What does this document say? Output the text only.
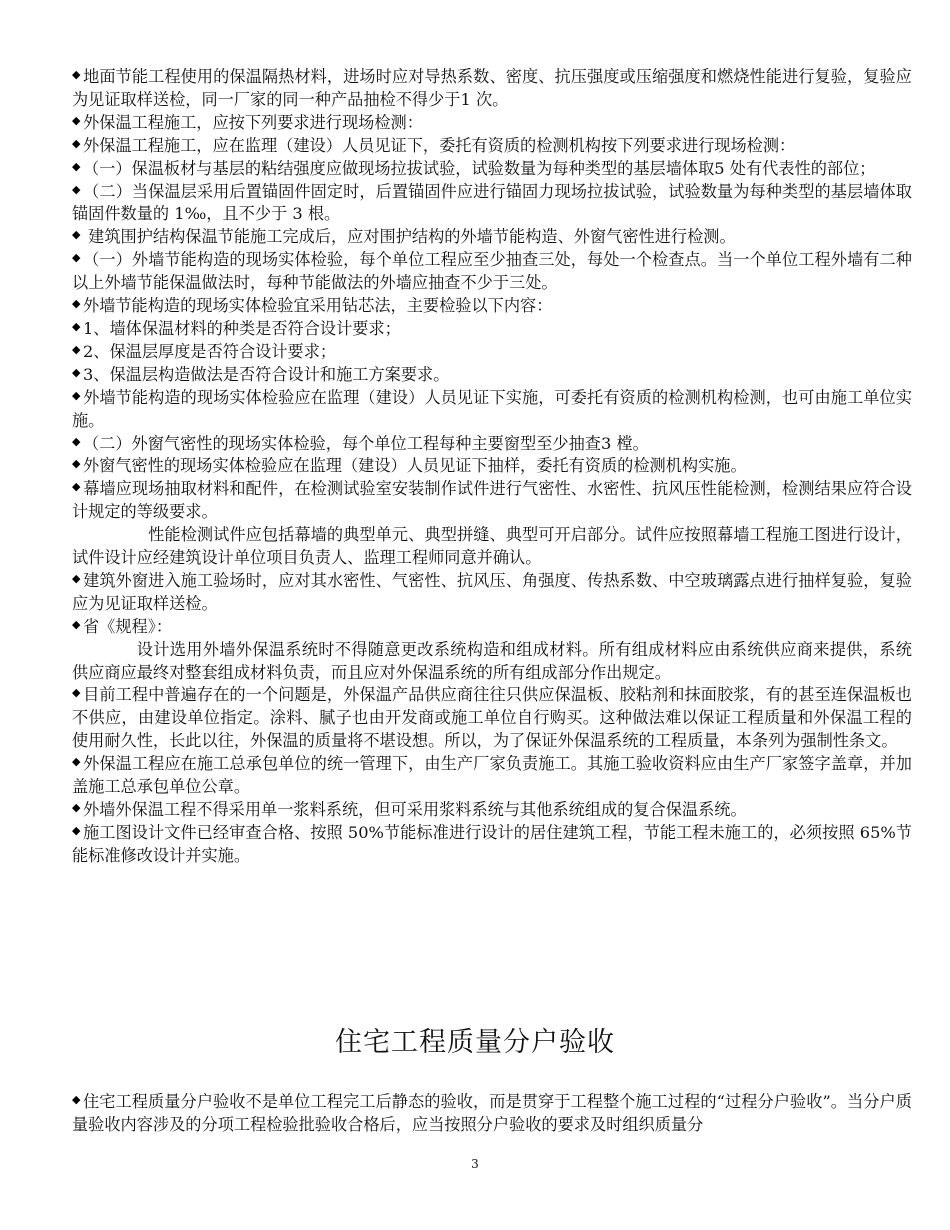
◆ 地面节能工程使用的保温隔热材料，进场时应对导热系数、密度、抗压强度或压缩强度和燃烧性能进行复验，复验应为见证取样送检，同一厂家的同一种产品抽检不得少于1 次。

◆ 外保温工程施工，应按下列要求进行现场检测：

◆ 外保温工程施工，应在监理（建设）人员见证下，委托有资质的检测机构按下列要求进行现场检测：

◆ （一）保温板材与基层的粘结强度应做现场拉拔试验，试验数量为每种类型的基层墙体取5 处有代表性的部位；

◆ （二）当保温层采用后置锚固件固定时，后置锚固件应进行锚固力现场拉拔试验，试验数量为每种类型的基层墙体取锚固件数量的 1‰，且不少于 3 根。

◆ 建筑围护结构保温节能施工完成后，应对围护结构的外墙节能构造、外窗气密性进行检测。

◆ （一）外墙节能构造的现场实体检验，每个单位工程应至少抽查三处，每处一个检查点。当一个单位工程外墙有二种以上外墙节能保温做法时，每种节能做法的外墙应抽查不少于三处。

◆ 外墙节能构造的现场实体检验宜采用钻芯法，主要检验以下内容：

◆ 1、墙体保温材料的种类是否符合设计要求；

◆ 2、保温层厚度是否符合设计要求；

◆ 3、保温层构造做法是否符合设计和施工方案要求。

◆ 外墙节能构造的现场实体检验应在监理（建设）人员见证下实施，可委托有资质的检测机构检测，也可由施工单位实施。

◆ （二）外窗气密性的现场实体检验，每个单位工程每种主要窗型至少抽查3 樘。

◆ 外窗气密性的现场实体检验应在监理（建设）人员见证下抽样，委托有资质的检测机构实施。

◆ 幕墙应现场抽取材料和配件，在检测试验室安装制作试件进行气密性、水密性、抗风压性能检测，检测结果应符合设计规定的等级要求。

性能检测试件应包括幕墙的典型单元、典型拼缝、典型可开启部分。试件应按照幕墙工程施工图进行设计，试件设计应经建筑设计单位项目负责人、监理工程师同意并确认。

◆ 建筑外窗进入施工验场时，应对其水密性、气密性、抗风压、角强度、传热系数、中空玻璃露点进行抽样复验，复验应为见证取样送检。

◆ 省《规程》：

设计选用外墙外保温系统时不得随意更改系统构造和组成材料。所有组成材料应由系统供应商来提供，系统供应商应最终对整套组成材料负责，而且应对外保温系统的所有组成部分作出规定。

◆ 目前工程中普遍存在的一个问题是，外保温产品供应商往往只供应保温板、胶粘剂和抹面胶浆，有的甚至连保温板也不供应，由建设单位指定。涂料、腻子也由开发商或施工单位自行购买。这种做法难以保证工程质量和外保温工程的使用耐久性，长此以往，外保温的质量将不堪设想。所以，为了保证外保温系统的工程质量，本条列为强制性条文。

◆ 外保温工程应在施工总承包单位的统一管理下，由生产厂家负责施工。其施工验收资料应由生产厂家签字盖章，并加盖施工总承包单位公章。

◆ 外墙外保温工程不得采用单一浆料系统，但可采用浆料系统与其他系统组成的复合保温系统。

◆ 施工图设计文件已经审查合格、按照 50%节能标准进行设计的居住建筑工程，节能工程未施工的，必须按照 65%节能标准修改设计并实施。

住宅工程质量分户验收

◆ 住宅工程质量分户验收不是单位工程完工后静态的验收，而是贯穿于工程整个施工过程的“过程分户验收”。当分户质量验收内容涉及的分项工程检验批验收合格后，应当按照分户验收的要求及时组织质量分

3
